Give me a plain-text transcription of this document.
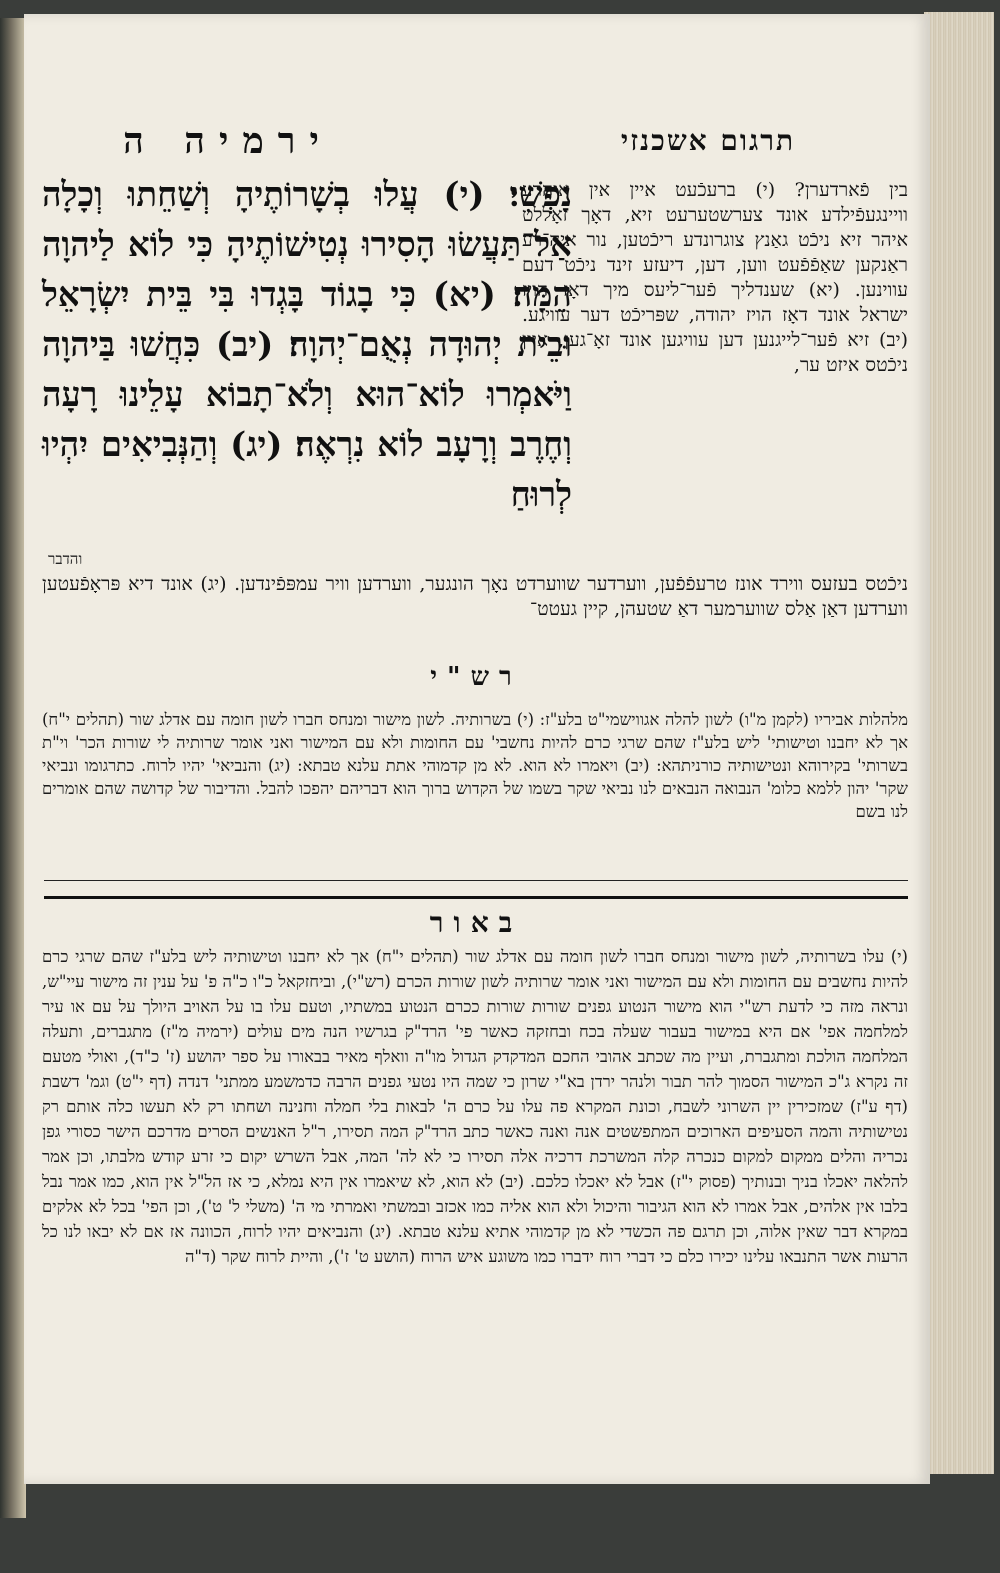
תרגום אשכנזי
ירמיה ה
בין פֿארדערן? (י) ברעכֿעט איין אין איהרע וויינגעפֿילדע אונד צערשטערעט זיא, דאָך זאָללט איהר זיא ניכֿט גאַנץ צוגרונדע ריכֿטען, נור איה־רע ראַנקען שאַפֿפֿעט ווען, דען, דיעזע זינד ניכֿט דעם עווינען. (יא) שענדליך פֿער־ליעס מיך דאָז הויז ישראל אונד דאָז הויז יהודה, שפּריכֿט דער עוויגע. (יב) זיא פֿער־לייגנען דען עוויגען אונד זאָ־גען, איין ניכֿטס איזט ער,
נַפְשִׁי׃ (י) עֲלוּ בְשָׁרוֹתֶיהָ וְשַׁחֵתוּ וְכָלָה אַל־תַּעֲשׂוּ הָסִירוּ נְטִישׁוֹתֶיהָ כִּי לוֹא לַיהוָה הֵמָּה׃ (יא) כִּי בָגוֹד בָּגְדוּ בִּי בֵּית יִשְׂרָאֵל וּבֵית יְהוּדָה נְאֻם־יְהוָה׃ (יב) כִּחֲשׁוּ בַּיהוָה וַיֹּאמְרוּ לוֹא־הוּא וְלֹא־תָבוֹא עָלֵינוּ רָעָה וְחֶרֶב וְרָעָב לוֹא נִרְאֶה׃ (יג) וְהַנְּבִיאִים יִהְיוּ לְרוּחַ
והדבר
ניכֿטס בעזעס ווירד אונז טרעפֿפֿען, ווערדער שווערדט נאָך הונגער, ווערדען וויר עמפּפֿינדען. (יג) אונד דיא פּראָפֿעטען ווערדען דאַן אַלס שווערמער דאַ שטעהן, קיין געטט־
רש"י
מלהלות אביריו (לקמן מ"ו) לשון להלה אגווישמי"ט בלע"ז: (י) בשרותיה. לשון מישור ומנחס חברו לשון חומה עם אדלג שור (תהלים י"ח) אך לא יחבנו וטישותי' ליש בלע"ז שהם שרגי כרם להיות נחשבי' עם החומות ולא עם המישור ואני אומר שרותיה לי שורות הכר' וי"ת בשרותי' בקירוהא ונטישותיה כורניתהא: (יב) ויאמרו לא הוא. לא מן קדמוהי אתת עלנא טבתא: (יג) והנביאי' יהיו לרוח. כתרגומו ונביאי שקר' יהון ללמא כלומ' הנבואה הנבאים לנו נביאי שקר בשמו של הקדוש ברוך הוא דבריהם יהפכו להבל. והדיבור של קדושה שהם אומרים לנו בשם
באור
(י) עלו בשרותיה, לשון מישור ומנחס חברו לשון חומה עם אדלג שור (תהלים י"ח) אך לא יחבנו וטישותיה ליש בלע"ז שהם שרגי כרם להיות נחשבים עם החומות ולא עם המישור ואני אומר שרותיה לשון שורות הכרם (רש"י), וביחזקאל כ"ו כ"ה פ' על ענין זה מישור עיי"ש, ונראה מזה כי לדעת רש"י הוא מישור הנטוע גפנים שורות שורות ככרם הנטוע במשתיו, וטעם עלו בו על האויב היולך על עם או עיר למלחמה אפי' אם היא במישור בעבור שעלה בכח ובחזקה כאשר פי' הרד"ק בגרשיו הנה מים עולים (ירמיה מ"ז) מתגברים, ותעלה המלחמה הולכת ומתגברת, ועיין מה שכתב אהובי החכם המדקדק הגדול מו"ה וואלף מאיר בבאורו על ספר יהושע (ז' כ"ד), ואולי מטעם זה נקרא ג"כ המישור הסמוך להר תבור ולנהר ירדן בא"י שרון כי שמה היו נטעי גפנים הרבה כדמשמע ממתני' דנדה (דף י"ט) וגמ' דשבת (דף ע"ז) שמזכירין יין השרוני לשבח, וכונת המקרא פה עלו על כרם ה' לבאות בלי חמלה וחנינה ושחתו רק לא תעשו כלה אותם רק נטישותיה והמה הסעיפים הארוכים המתפשטים אנה ואנה כאשר כתב הרד"ק המה תסירו, ר"ל האנשים הסרים מדרכם הישר כסורי גפן נכריה והלים ממקום למקום כנכרה קלה המשרכת דרכיה אלה תסירו כי לא לה' המה, אבל השרש יקום כי זרע קודש מלבתו, וכן אמר להלאה יאכלו בניך ובנותיך (פסוק י"ז) אבל לא יאכלו כלכם. (יב) לא הוא, לא שיאמרו אין היא נמלא, כי אז הל"ל אין הוא, כמו אמר נבל בלבו אין אלהים, אבל אמרו לא הוא הגיבור והיכול ולא הוא אליה כמו אכזב ובמשתי ואמרתי מי ה' (משלי ל' ט'), וכן הפי' בכל לא אלקים במקרא דבר שאין אלוה, וכן תרגם פה הכשדי לא מן קדמוהי אתיא עלנא טבתא. (יג) והנביאים יהיו לרוח, הכוונה אז אם לא יבאו לנו כל הרעות אשר התנבאו עלינו יכירו כלם כי דברי רוח ידברו כמו משוגע איש הרוח (הושע ט' ז'), והיית לרוח שקר (ד"ה
